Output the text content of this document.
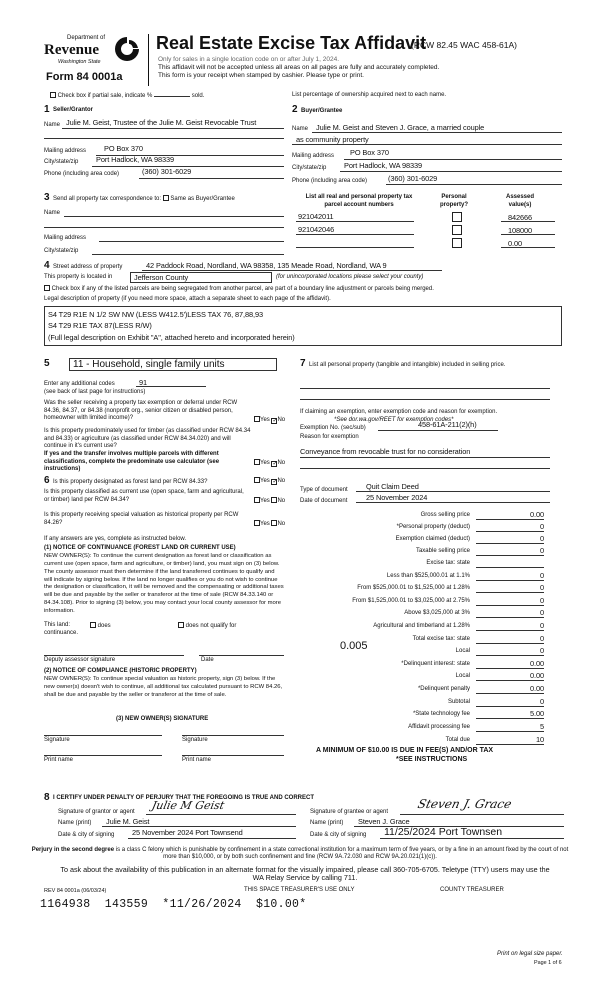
Department of
Revenue
Washington State
Form 84 0001a
Real Estate Excise Tax Affidavit
(RCW 82.45 WAC 458-61A)
Only for sales in a single location code on or after July 1, 2024.
This affidavit will not be accepted unless all areas on all pages are fully and accurately completed.
This form is your receipt when stamped by cashier. Please type or print.
Check box if partial sale, indicate %	sold.	List percentage of ownership acquired next to each name.
1 Seller/Grantor
Name Julie M. Geist, Trustee of the Julie M. Geist Revocable Trust
Mailing address PO Box 370
City/state/zip Port Hadlock, WA 98339
Phone (including area code)	(360) 301-6029
2 Buyer/Grantee
Name Julie M. Geist and Steven J. Grace, a married couple
as community property
Mailing address PO Box 370
City/state/zip Port Hadlock, WA 98339
Phone (including area code)	(360) 301-6029
3 Send all property tax correspondence to: Same as Buyer/Grantee
Name
Mailing address
City/state/zip
List all real and personal property tax parcel account numbers
Personal property?
Assessed value(s)
921042011	842666
921042046	108000
0.00
4 Street address of property	42 Paddock Road, Nordland, WA 98358, 135 Meade Road, Nordland, WA 9
This property is located in	Jefferson County	(for unincorporated locations please select your county)
Check box if any of the listed parcels are being segregated from another parcel, are part of a boundary line adjustment or parcels being merged.
Legal description of property (if you need more space, attach a separate sheet to each page of the affidavit).
S4 T29 R1E N 1/2 SW NW (LESS W412.5')LESS TAX 76, 87,88,93
S4 T29 R1E TAX 87(LESS R/W)
(Full legal description on Exhibit "A", attached hereto and incorporated herein)
5 11 - Household, single family units
Enter any additional codes	91
(see back of last page for instructions)
Was the seller receiving a property tax exemption or deferral under RCW 84.36, 84.37, or 84.38 (nonprofit org., senior citizen or disabled person, homeowner with limited income)?	Yes ✓No
Is this property predominately used for timber (as classified under RCW 84.34 and 84.33) or agriculture (as classified under RCW 84.34.020) and will continue in it's current use?
If yes and the transfer involves multiple parcels with different classifications, complete the predominate use calculator (see instructions)
Yes ✓No
6 Is this property designated as forest land per RCW 84.33?	Yes ✓No
Is this property classified as current use (open space, farm and agricultural, or timber) land per RCW 84.34?	Yes No
Is this property receiving special valuation as historical property per RCW 84.26?	Yes No
If any answers are yes, complete as instructed below.
(1) NOTICE OF CONTINUANCE (FOREST LAND OR CURRENT USE)
NEW OWNER(S): To continue the current designation as forest land or classification as current use (open space, farm and agriculture, or timber) land, you must sign on (3) below. The county assessor must then determine if the land transferred continues to qualify and will indicate by signing below. If the land no longer qualifies or you do not wish to continue the designation or classification, it will be removed and the compensating or additional taxes will be due and payable by the seller or transferor at the time of sale (RCW 84.33.140 or 84.34.108). Prior to signing (3) below, you may contact your local county assessor for more information.
This land:	does	does not qualify for
continuance.
Deputy assessor signature	Date
(2) NOTICE OF COMPLIANCE (HISTORIC PROPERTY)
NEW OWNER(S): To continue special valuation as historic property, sign (3) below. If the new owner(s) doesn't wish to continue, all additional tax calculated pursuant to RCW 84.26, shall be due and payable by the seller or transferor at the time of sale.
(3) NEW OWNER(S) SIGNATURE
Signature	Signature
Print name	Print name
7 List all personal property (tangible and intangible) included in selling price.
If claiming an exemption, enter exemption code and reason for exemption.
*See dor.wa.gov/REET for exemption codes*
Exemption No. (sec/sub)	458-61A-211(2)(h)
Reason for exemption
Conveyance from revocable trust for no consideration
Type of document Quit Claim Deed
Date of document	25 November 2024
Gross selling price	0.00
*Personal property (deduct)	0
Exemption claimed (deduct)	0
Taxable selling price	0
Excise tax: state
Less than $525,000.01 at 1.1%	0
From $525,000.01 to $1,525,000 at 1.28%	0
From $1,525,000.01 to $3,025,000 at 2.75%	0
Above $3,025,000 at 3%	0
Agricultural and timberland at 1.28%	0
Total excise tax: state	0
Local	0
*Delinquent interest: state	0.00
Local	0.00
*Delinquent penalty	0.00
Subtotal	0
*State technology fee	5.00
Affidavit processing fee	5
Total due	10
0.005
A MINIMUM OF $10.00 IS DUE IN FEE(S) AND/OR TAX
*SEE INSTRUCTIONS
8 I CERTIFY UNDER PENALTY OF PERJURY THAT THE FOREGOING IS TRUE AND CORRECT
Signature of grantor or agent Julie M Geist
Name (print) Julie M. Geist
Date & city of signing 25 November 2024 Port Townsend
Signature of grantee or agent
Steven J. Grace
Name (print) Steven J. Grace
Date & city of signing 11/25/2024 Port Townsen
Perjury in the second degree is a class C felony which is punishable by confinement in a state correctional institution for a maximum term of five years, or by a fine in an amount fixed by the court of not more than $10,000, or by both such confinement and fine (RCW 9A.72.030 and RCW 9A.20.021(1)(c)).
To ask about the availability of this publication in an alternate format for the visually impaired, please call 360-705-6705. Teletype (TTY) users may use the WA Relay Service by calling 711.
REV 84 0001a (06/03/24)	THIS SPACE TREASURER'S USE ONLY	COUNTY TREASURER
1164938  143559  *11/26/2024  $10.00*
Print on legal size paper.
Page 1 of 6
